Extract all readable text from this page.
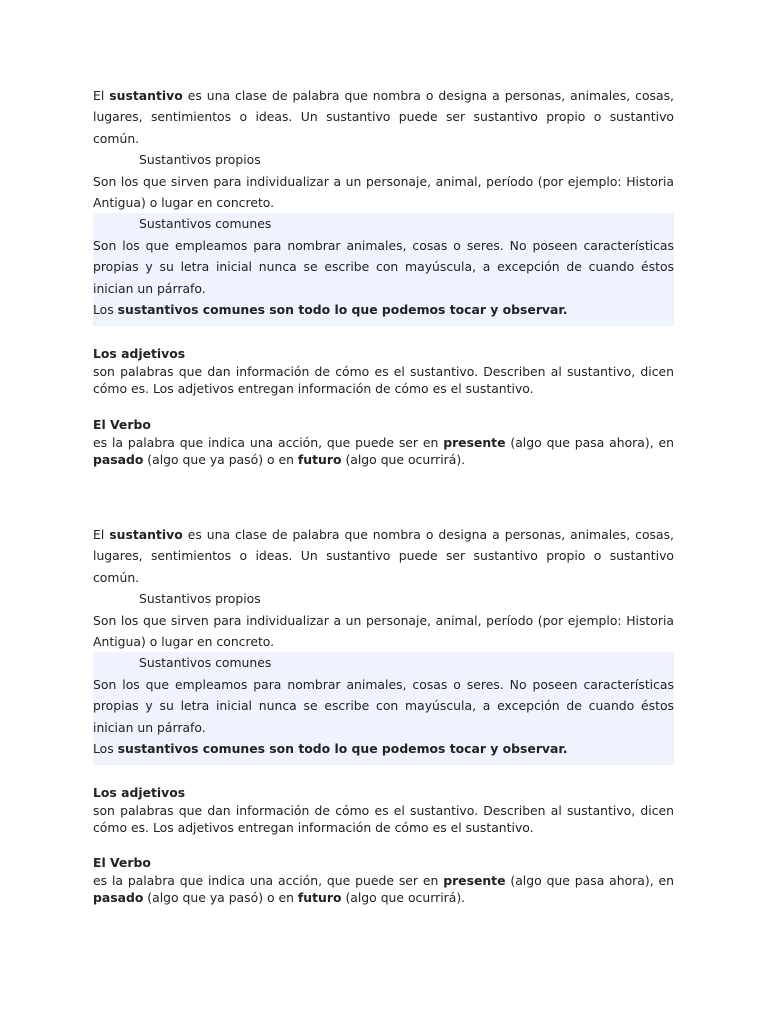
El sustantivo es una clase de palabra que nombra o designa a personas, animales, cosas, lugares, sentimientos o ideas. Un sustantivo puede ser sustantivo propio o sustantivo común.

Sustantivos propios

Son los que sirven para individualizar a un personaje, animal, período (por ejemplo: Historia Antigua) o lugar en concreto.

Sustantivos comunes

Son los que empleamos para nombrar animales, cosas o seres. No poseen características propias y su letra inicial nunca se escribe con mayúscula, a excepción de cuando éstos inician un párrafo.

Los sustantivos comunes son todo lo que podemos tocar y observar.

Los adjetivos

son palabras que dan información de cómo es el sustantivo. Describen al sustantivo, dicen cómo es. Los adjetivos entregan información de cómo es el sustantivo.

El Verbo

es la palabra que indica una acción, que puede ser en presente (algo que pasa ahora), en pasado (algo que ya pasó) o en futuro (algo que ocurrirá).

El sustantivo es una clase de palabra que nombra o designa a personas, animales, cosas, lugares, sentimientos o ideas. Un sustantivo puede ser sustantivo propio o sustantivo común.

Sustantivos propios

Son los que sirven para individualizar a un personaje, animal, período (por ejemplo: Historia Antigua) o lugar en concreto.

Sustantivos comunes

Son los que empleamos para nombrar animales, cosas o seres. No poseen características propias y su letra inicial nunca se escribe con mayúscula, a excepción de cuando éstos inician un párrafo.

Los sustantivos comunes son todo lo que podemos tocar y observar.

Los adjetivos

son palabras que dan información de cómo es el sustantivo. Describen al sustantivo, dicen cómo es. Los adjetivos entregan información de cómo es el sustantivo.

El Verbo

es la palabra que indica una acción, que puede ser en presente (algo que pasa ahora), en pasado (algo que ya pasó) o en futuro (algo que ocurrirá).
